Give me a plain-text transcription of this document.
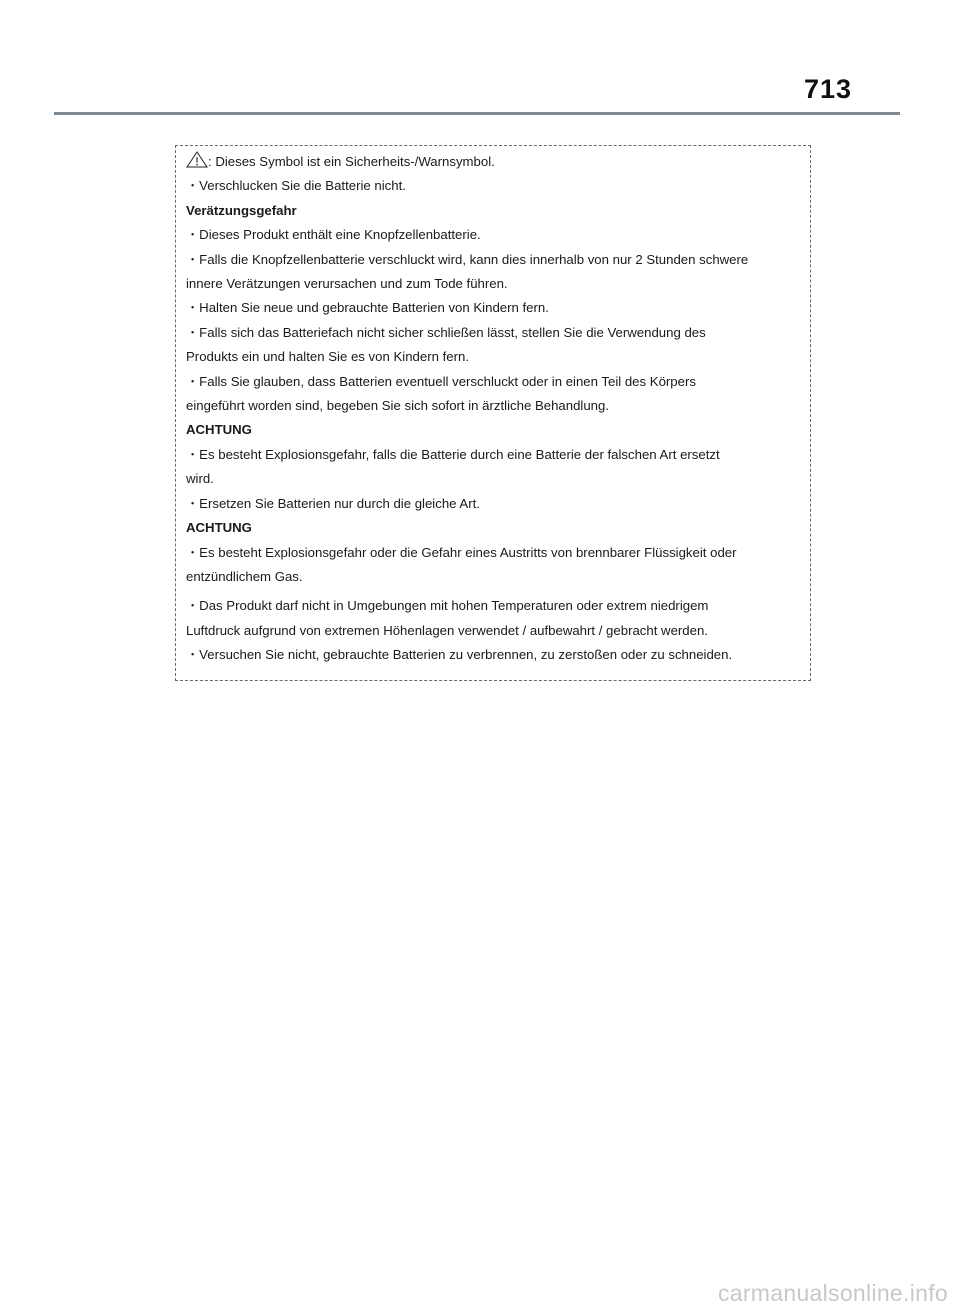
713
: Dieses Symbol ist ein Sicherheits-/Warnsymbol.
・Verschlucken Sie die Batterie nicht.
Verätzungsgefahr
・Dieses Produkt enthält eine Knopfzellenbatterie.
・Falls die Knopfzellenbatterie verschluckt wird, kann dies innerhalb von nur 2 Stunden schwere
innere Verätzungen verursachen und zum Tode führen.
・Halten Sie neue und gebrauchte Batterien von Kindern fern.
・Falls sich das Batteriefach nicht sicher schließen lässt, stellen Sie die Verwendung des
Produkts ein und halten Sie es von Kindern fern.
・Falls Sie glauben, dass Batterien eventuell verschluckt oder in einen Teil des Körpers
eingeführt worden sind, begeben Sie sich sofort in ärztliche Behandlung.
ACHTUNG
・Es besteht Explosionsgefahr, falls die Batterie durch eine Batterie der falschen Art ersetzt
wird.
・Ersetzen Sie Batterien nur durch die gleiche Art.
ACHTUNG
・Es besteht Explosionsgefahr oder die Gefahr eines Austritts von brennbarer Flüssigkeit oder
entzündlichem Gas.
・Das Produkt darf nicht in Umgebungen mit hohen Temperaturen oder extrem niedrigem
Luftdruck aufgrund von extremen Höhenlagen verwendet / aufbewahrt / gebracht werden.
・Versuchen Sie nicht, gebrauchte Batterien zu verbrennen, zu zerstoßen oder zu schneiden.
carmanualsonline.info
